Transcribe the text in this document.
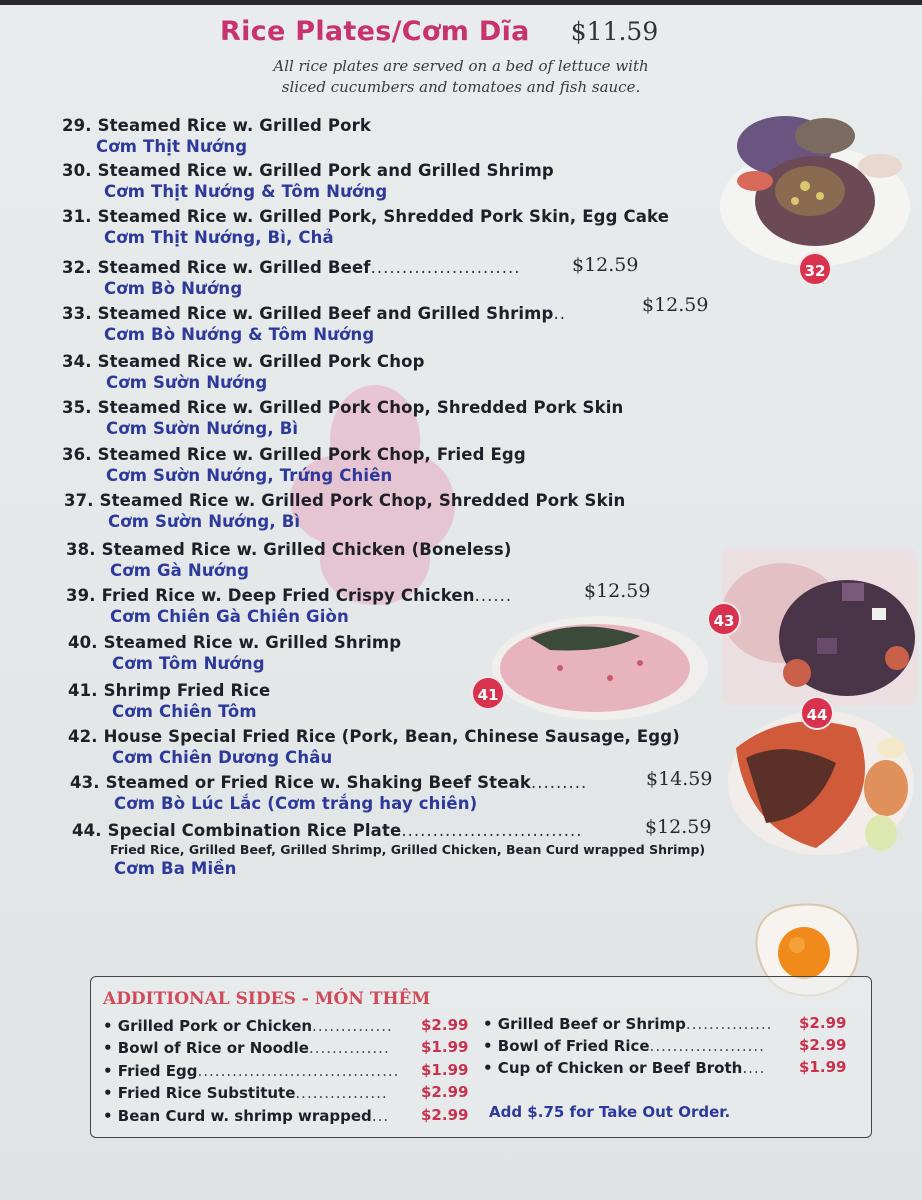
Rice Plates/Cơm Dĩa $11.59
All rice plates are served on a bed of lettuce with
sliced cucumbers and tomatoes and fish sauce.
32
41
43
44
29. Steamed Rice w. Grilled Pork
Cơm Thịt Nướng
30. Steamed Rice w. Grilled Pork and Grilled Shrimp
Cơm Thịt Nướng & Tôm Nướng
31. Steamed Rice w. Grilled Pork, Shredded Pork Skin, Egg Cake
Cơm Thịt Nướng, Bì, Chả
32. Steamed Rice w. Grilled Beef........................
Cơm Bò Nướng
$12.59
33. Steamed Rice w. Grilled Beef and Grilled Shrimp..
Cơm Bò Nướng & Tôm Nướng
$12.59
34. Steamed Rice w. Grilled Pork Chop
Cơm Sườn Nướng
35. Steamed Rice w. Grilled Pork Chop, Shredded Pork Skin
Cơm Sườn Nướng, Bì
36. Steamed Rice w. Grilled Pork Chop, Fried Egg
Cơm Sườn Nướng, Trứng Chiên
37. Steamed Rice w. Grilled Pork Chop, Shredded Pork Skin
Cơm Sườn Nướng, Bì
38. Steamed Rice w. Grilled Chicken (Boneless)
Cơm Gà Nướng
39. Fried Rice w. Deep Fried Crispy Chicken......
Cơm Chiên Gà Chiên Giòn
$12.59
40. Steamed Rice w. Grilled Shrimp
Cơm Tôm Nướng
41. Shrimp Fried Rice
Cơm Chiên Tôm
42. House Special Fried Rice (Pork, Bean, Chinese Sausage, Egg)
Cơm Chiên Dương Châu
43. Steamed or Fried Rice w. Shaking Beef Steak.........
Cơm Bò Lúc Lắc (Cơm trắng hay chiên)
$14.59
44. Special Combination Rice Plate.............................
Fried Rice, Grilled Beef, Grilled Shrimp, Grilled Chicken, Bean Curd wrapped Shrimp)
Cơm Ba Miền
$12.59
ADDITIONAL SIDES - MÓN THÊM
• Grilled Pork or Chicken.............. $2.99
• Bowl of Rice or Noodle.............. $1.99
• Fried Egg................................... $1.99
• Fried Rice Substitute................ $2.99
• Bean Curd w. shrimp wrapped... $2.99
• Grilled Beef or Shrimp............... $2.99
• Bowl of Fried Rice.................... $2.99
• Cup of Chicken or Beef Broth.... $1.99
Add $.75 for Take Out Order.
